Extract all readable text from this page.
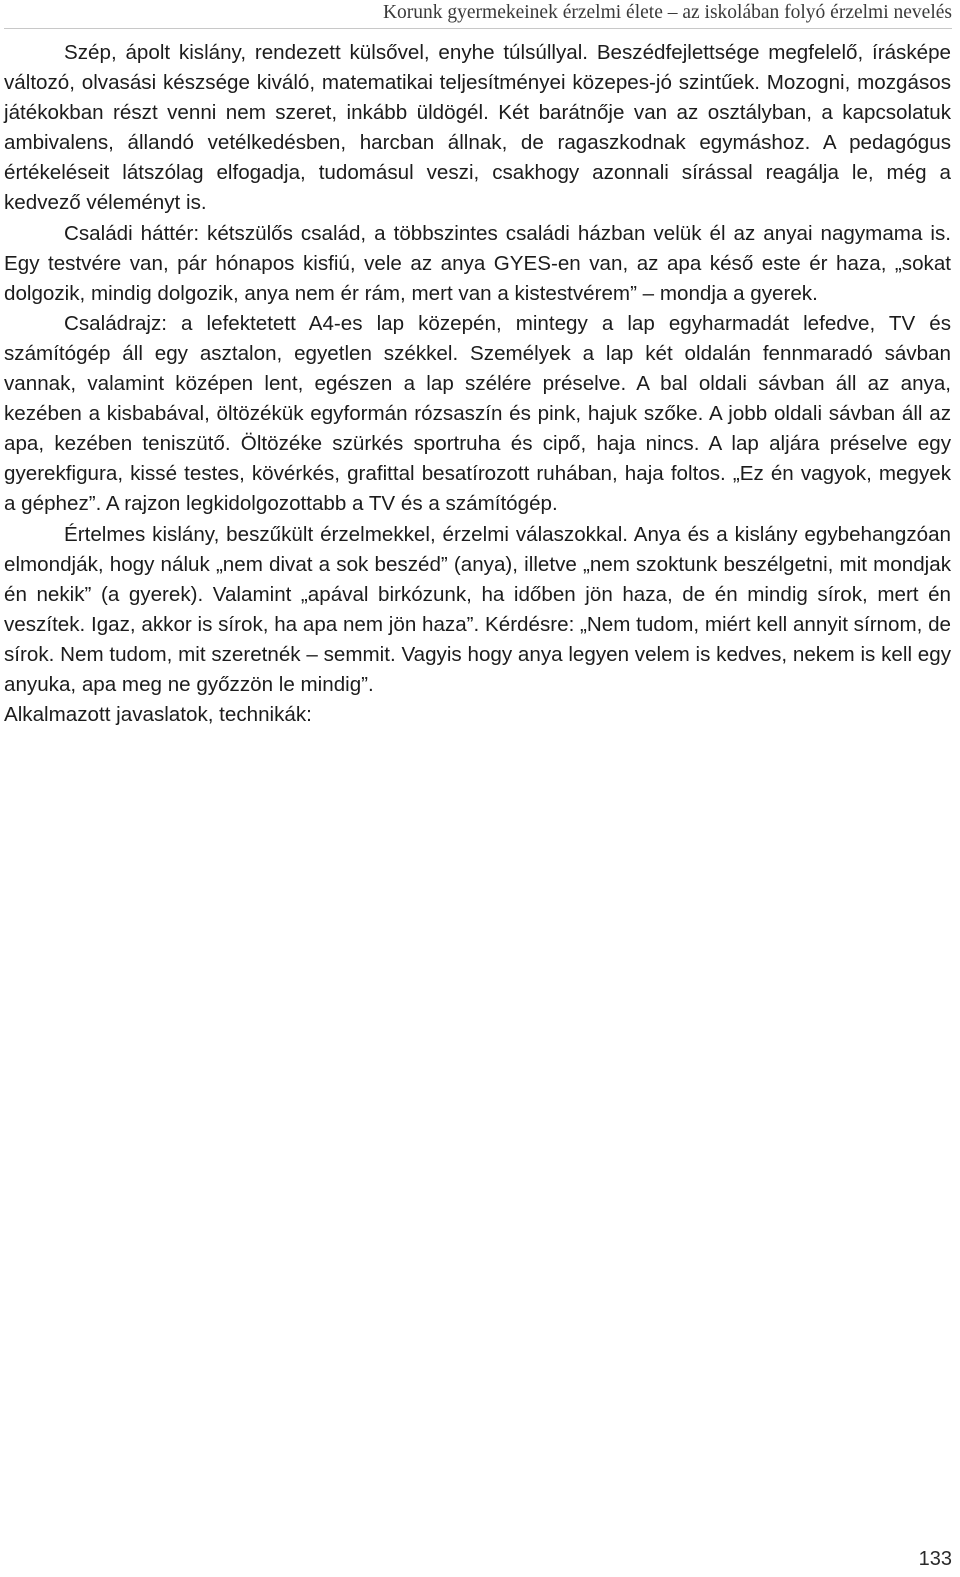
Korunk gyermekeinek érzelmi élete – az iskolában folyó érzelmi nevelés

Szép, ápolt kislány, rendezett külsővel, enyhe túlsúllyal. Beszédfejlettsége megfelelő, írásképe változó, olvasási készsége kiváló, matematikai teljesítményei közepes-jó szintűek. Mozogni, mozgásos játékokban részt venni nem szeret, inkább üldögél. Két barátnője van az osztályban, a kapcsolatuk ambivalens, állandó vetélkedésben, harcban állnak, de ragaszkodnak egymáshoz. A pedagógus értékeléseit látszólag elfogadja, tudomásul veszi, csakhogy azonnali sírással reagálja le, még a kedvező véleményt is.

Családi háttér: kétszülős család, a többszintes családi házban velük él az anyai nagymama is. Egy testvére van, pár hónapos kisfiú, vele az anya GYES-en van, az apa késő este ér haza, „sokat dolgozik, mindig dolgozik, anya nem ér rám, mert van a kistestvérem” – mondja a gyerek.

Családrajz: a lefektetett A4-es lap közepén, mintegy a lap egyharmadát lefedve, TV és számítógép áll egy asztalon, egyetlen székkel. Személyek a lap két oldalán fennmaradó sávban vannak, valamint középen lent, egészen a lap szélére préselve. A bal oldali sávban áll az anya, kezében a kisbabával, öltözékük egyformán rózsaszín és pink, hajuk szőke. A jobb oldali sávban áll az apa, kezében teniszütő. Öltözéke szürkés sportruha és cipő, haja nincs. A lap aljára préselve egy gyerekfigura, kissé testes, kövérkés, grafittal besatírozott ruhában, haja foltos. „Ez én vagyok, megyek a géphez”. A rajzon legkidolgozottabb a TV és a számítógép.

Értelmes kislány, beszűkült érzelmekkel, érzelmi válaszokkal. Anya és a kislány egybehangzóan elmondják, hogy náluk „nem divat a sok beszéd” (anya), illetve „nem szoktunk beszélgetni, mit mondjak én nekik” (a gyerek). Valamint „apával birkózunk, ha időben jön haza, de én mindig sírok, mert én veszítek. Igaz, akkor is sírok, ha apa nem jön haza”. Kérdésre: „Nem tudom, miért kell annyit sírnom, de sírok. Nem tudom, mit szeretnék – semmit. Vagyis hogy anya legyen velem is kedves, nekem is kell egy anyuka, apa meg ne győzzön le mindig”.

Alkalmazott javaslatok, technikák:

133
